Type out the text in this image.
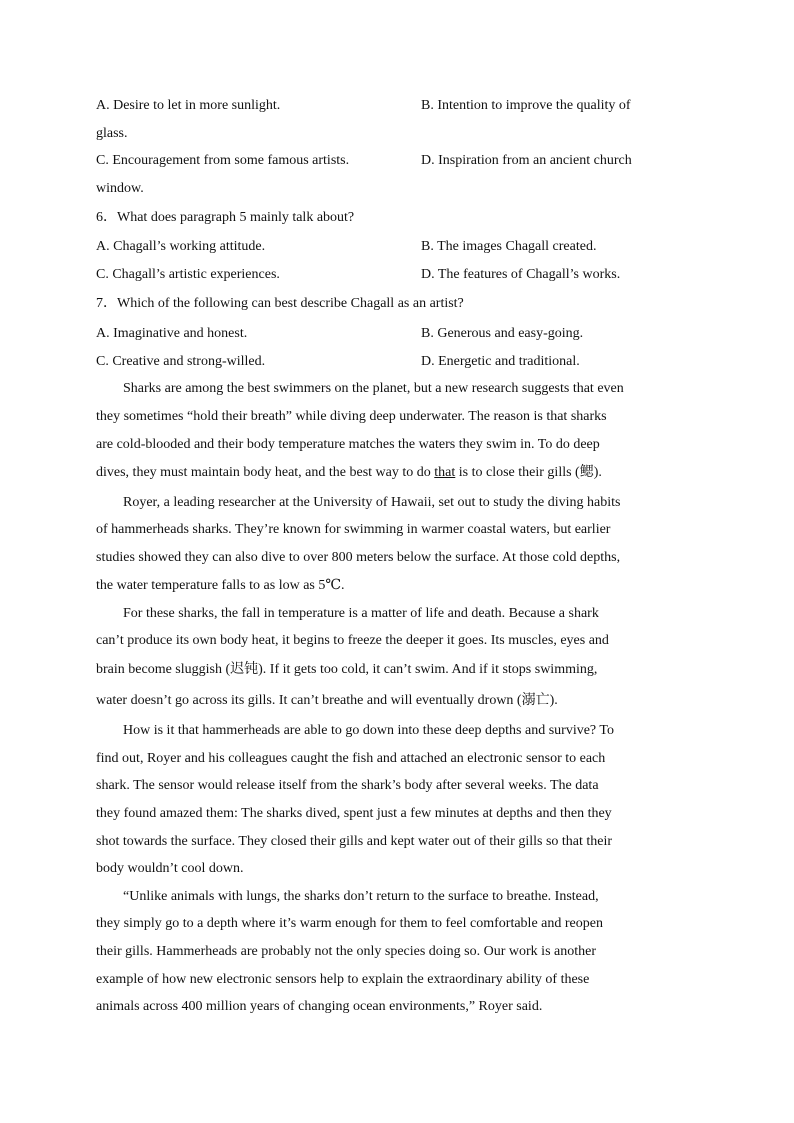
A. Desire to let in more sunlight.	B. Intention to improve the quality of
glass.
C. Encouragement from some famous artists.	D. Inspiration from an ancient church
window.
6．What does paragraph 5 mainly talk about?
A. Chagall’s working attitude.	B. The images Chagall created.
C. Chagall’s artistic experiences.	D. The features of Chagall’s works.
7．Which of the following can best describe Chagall as an artist?
A. Imaginative and honest.	B. Generous and easy-going.
C. Creative and strong-willed.	D. Energetic and traditional.
Sharks are among the best swimmers on the planet, but a new research suggests that even
they sometimes “hold their breath” while diving deep underwater. The reason is that sharks
are cold-blooded and their body temperature matches the waters they swim in. To do deep
dives, they must maintain body heat, and the best way to do that is to close their gills (鳃).
Royer, a leading researcher at the University of Hawaii, set out to study the diving habits
of hammerheads sharks. They’re known for swimming in warmer coastal waters, but earlier
studies showed they can also dive to over 800 meters below the surface. At those cold depths,
the water temperature falls to as low as 5℃.
For these sharks, the fall in temperature is a matter of life and death. Because a shark
can’t produce its own body heat, it begins to freeze the deeper it goes. Its muscles, eyes and
brain become sluggish (迟钝). If it gets too cold, it can’t swim. And if it stops swimming,
water doesn’t go across its gills. It can’t breathe and will eventually drown (溺亡).
How is it that hammerheads are able to go down into these deep depths and survive? To
find out, Royer and his colleagues caught the fish and attached an electronic sensor to each
shark. The sensor would release itself from the shark’s body after several weeks. The data
they found amazed them: The sharks dived, spent just a few minutes at depths and then they
shot towards the surface. They closed their gills and kept water out of their gills so that their
body wouldn’t cool down.
“Unlike animals with lungs, the sharks don’t return to the surface to breathe. Instead,
they simply go to a depth where it’s warm enough for them to feel comfortable and reopen
their gills. Hammerheads are probably not the only species doing so. Our work is another
example of how new electronic sensors help to explain the extraordinary ability of these
animals across 400 million years of changing ocean environments,” Royer said.
